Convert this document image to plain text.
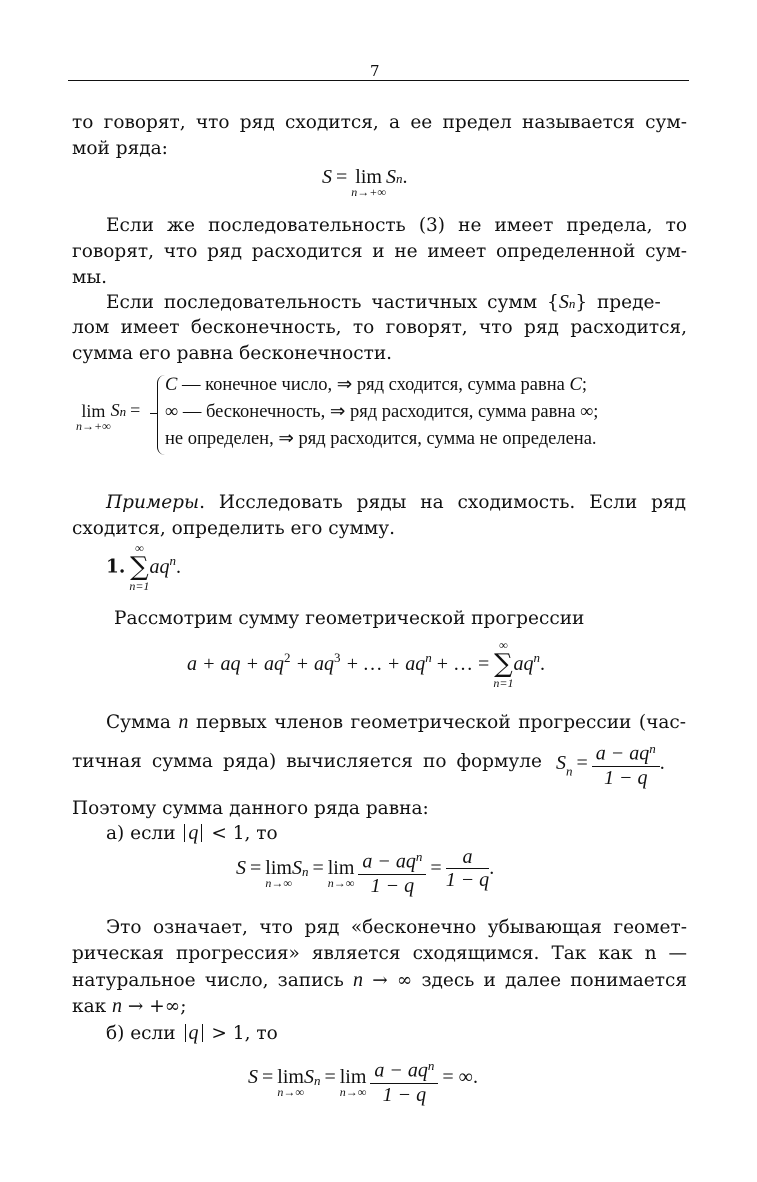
7
то говорят, что ряд сходится, а ее предел называется сум-
мой ряда:
S = lim
n→+∞
Sn.
Если же последовательность (3) не имеет предела, то
говорят, что ряд расходится и не имеет определенной сум-
мы.
Если последовательность частичных сумм {Sn} преде-
лом имеет бесконечность, то говорят, что ряд расходится,
сумма его равна бесконечности.
lim
n→+∞
Sn =
C — конечное число, ⇒ ряд сходится, сумма равна C;
∞ — бесконечность, ⇒ ряд расходится, сумма равна ∞;
не определен, ⇒ ряд расходится, сумма не определена.
Примеры. Исследовать ряды на сходимость. Если ряд
сходится, определить его сумму.
1.
∞
∑
n=1
$aq^n$.
Рассмотрим сумму геометрической прогрессии
a + aq + $aq^2 + aq^3$ + … + $aq^n$ + … =
∞
∑
n=1
$aq^n$.
Сумма n первых членов геометрической прогрессии (час-
тичная сумма ряда) вычисляется по формуле $S_n = \frac{a - aq^n}{1 - q}$ .
Поэтому сумма данного ряда равна:
а) если q < 1, то
S = lim
n→∞
$S^n = \lim$
n→∞
$\frac{a - aq^n}{1 - q} = \frac{a}{1 - q}$ .
Это означает, что ряд «бесконечно убывающая геомет-
рическая прогрессия» является сходящимся. Так как n —
натуральное число, запись n → ∞ здесь и далее понимается
как n → +∞;
б) если q > 1, то
S = lim
n→∞
$S^n = \lim$
n→∞
$\frac{a - aq^n}{1 - q}$ = ∞.
